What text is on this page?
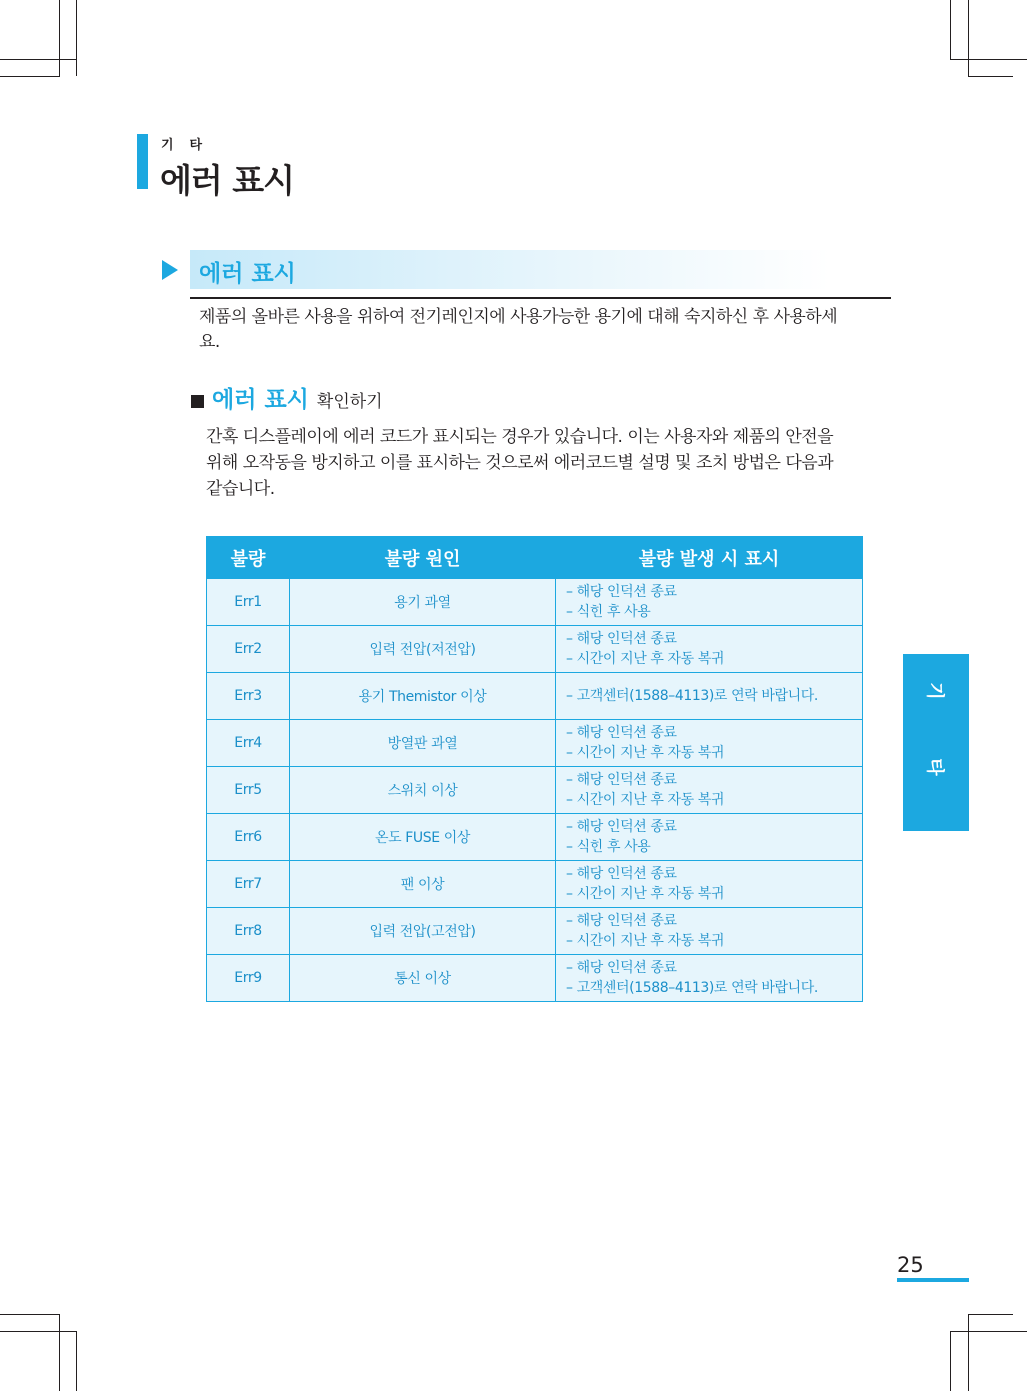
기타
에러 표시
에러 표시
제품의 올바른 사용을 위하여 전기레인지에 사용가능한 용기에 대해 숙지하신 후 사용하세요.
에러 표시 확인하기
간혹 디스플레이에 에러 코드가 표시되는 경우가 있습니다. 이는 사용자와 제품의 안전을 위해 오작동을 방지하고 이를 표시하는 것으로써 에러코드별 설명 및 조치 방법은 다음과 같습니다.
불량	불량 원인	불량 발생 시 표시
Err1	용기 과열	– 해당 인덕션 종료
– 식힌 후 사용

Err2	입력 전압(저전압)	– 해당 인덕션 종료
– 시간이 지난 후 자동 복귀

Err3	용기 Themistor 이상	– 고객센터(1588–4113)로 연락 바랍니다.

Err4	방열판 과열	– 해당 인덕션 종료
– 시간이 지난 후 자동 복귀

Err5	스위치 이상	– 해당 인덕션 종료
– 시간이 지난 후 자동 복귀

Err6	온도 FUSE 이상	– 해당 인덕션 종료
– 식힌 후 사용

Err7	팬 이상	– 해당 인덕션 종료
– 시간이 지난 후 자동 복귀

Err8	입력 전압(고전압)	– 해당 인덕션 종료
– 시간이 지난 후 자동 복귀

Err9	통신 이상	– 해당 인덕션 종료
– 고객센터(1588–4113)로 연락 바랍니다.
기
타
25
